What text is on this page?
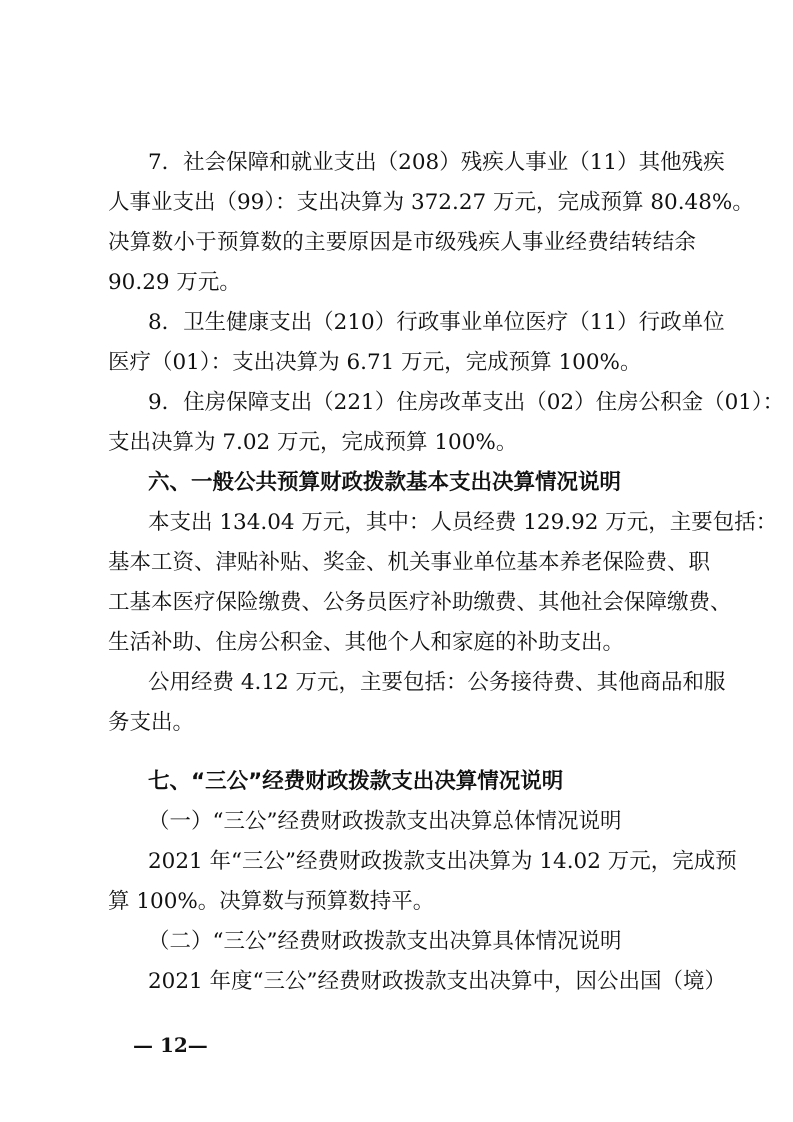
7．社会保障和就业支出（208）残疾人事业（11）其他残疾
人事业支出（99）：支出决算为 372.27 万元，完成预算 80.48%。
决算数小于预算数的主要原因是市级残疾人事业经费结转结余
90.29 万元。
8．卫生健康支出（210）行政事业单位医疗（11）行政单位
医疗（01）：支出决算为 6.71 万元，完成预算 100%。
9．住房保障支出（221）住房改革支出（02）住房公积金（01）：
支出决算为 7.02 万元，完成预算 100%。
六、一般公共预算财政拨款基本支出决算情况说明
本支出 134.04 万元，其中：人员经费 129.92 万元，主要包括：
基本工资、津贴补贴、奖金、机关事业单位基本养老保险费、职
工基本医疗保险缴费、公务员医疗补助缴费、其他社会保障缴费、
生活补助、住房公积金、其他个人和家庭的补助支出。
公用经费 4.12 万元，主要包括：公务接待费、其他商品和服
务支出。
七、“三公”经费财政拨款支出决算情况说明
（一）“三公”经费财政拨款支出决算总体情况说明
2021 年“三公”经费财政拨款支出决算为 14.02 万元，完成预
算 100%。决算数与预算数持平。
（二）“三公”经费财政拨款支出决算具体情况说明
2021 年度“三公”经费财政拨款支出决算中，因公出国（境）
— 12—
